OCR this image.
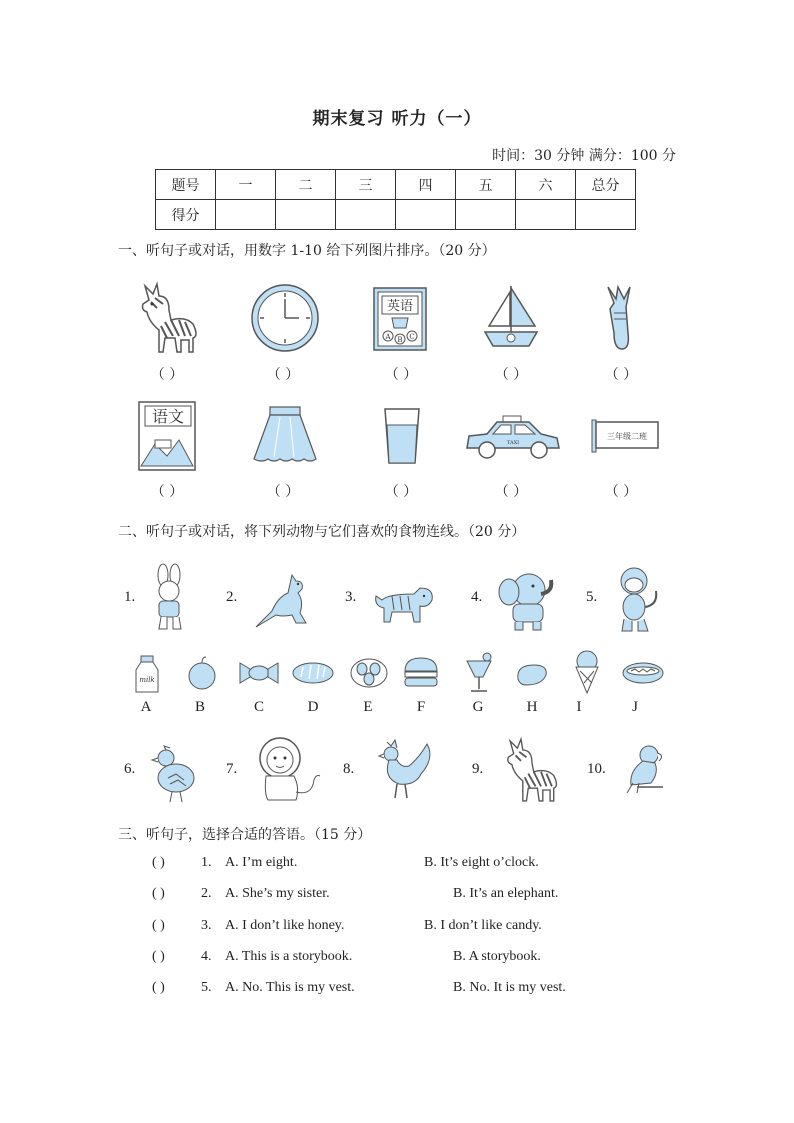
期末复习 听力（一）
时间：30 分钟 满分：100 分
题号	一	二	三	四	五	六	总分
得分							
一、听句子或对话，用数字 1-10 给下列图片排序。（20 分）
英语
A B C
（ ）	（ ）	（ ）	（ ）	（ ）
语文
TAXI
三年级二班
（ ）	（ ）	（ ）	（ ）	（ ）
二、听句子或对话，将下列动物与它们喜欢的食物连线。（20 分）
1.	2.	3.	4.	5.
milk
A	B	C	D	E	F	G	H	I	J
6.	7.	8.	9.	10.
三、听句子，选择合适的答语。（15 分）
( )	1. A. I’m eight.	B. It’s eight o’clock.
( )	2. A. She’s my sister.	B. It’s an elephant.
( )	3. A. I don’t like honey.	B. I don’t like candy.
( )	4. A. This is a storybook.	B. A storybook.
( )	5. A. No. This is my vest.	B. No. It is my vest.
